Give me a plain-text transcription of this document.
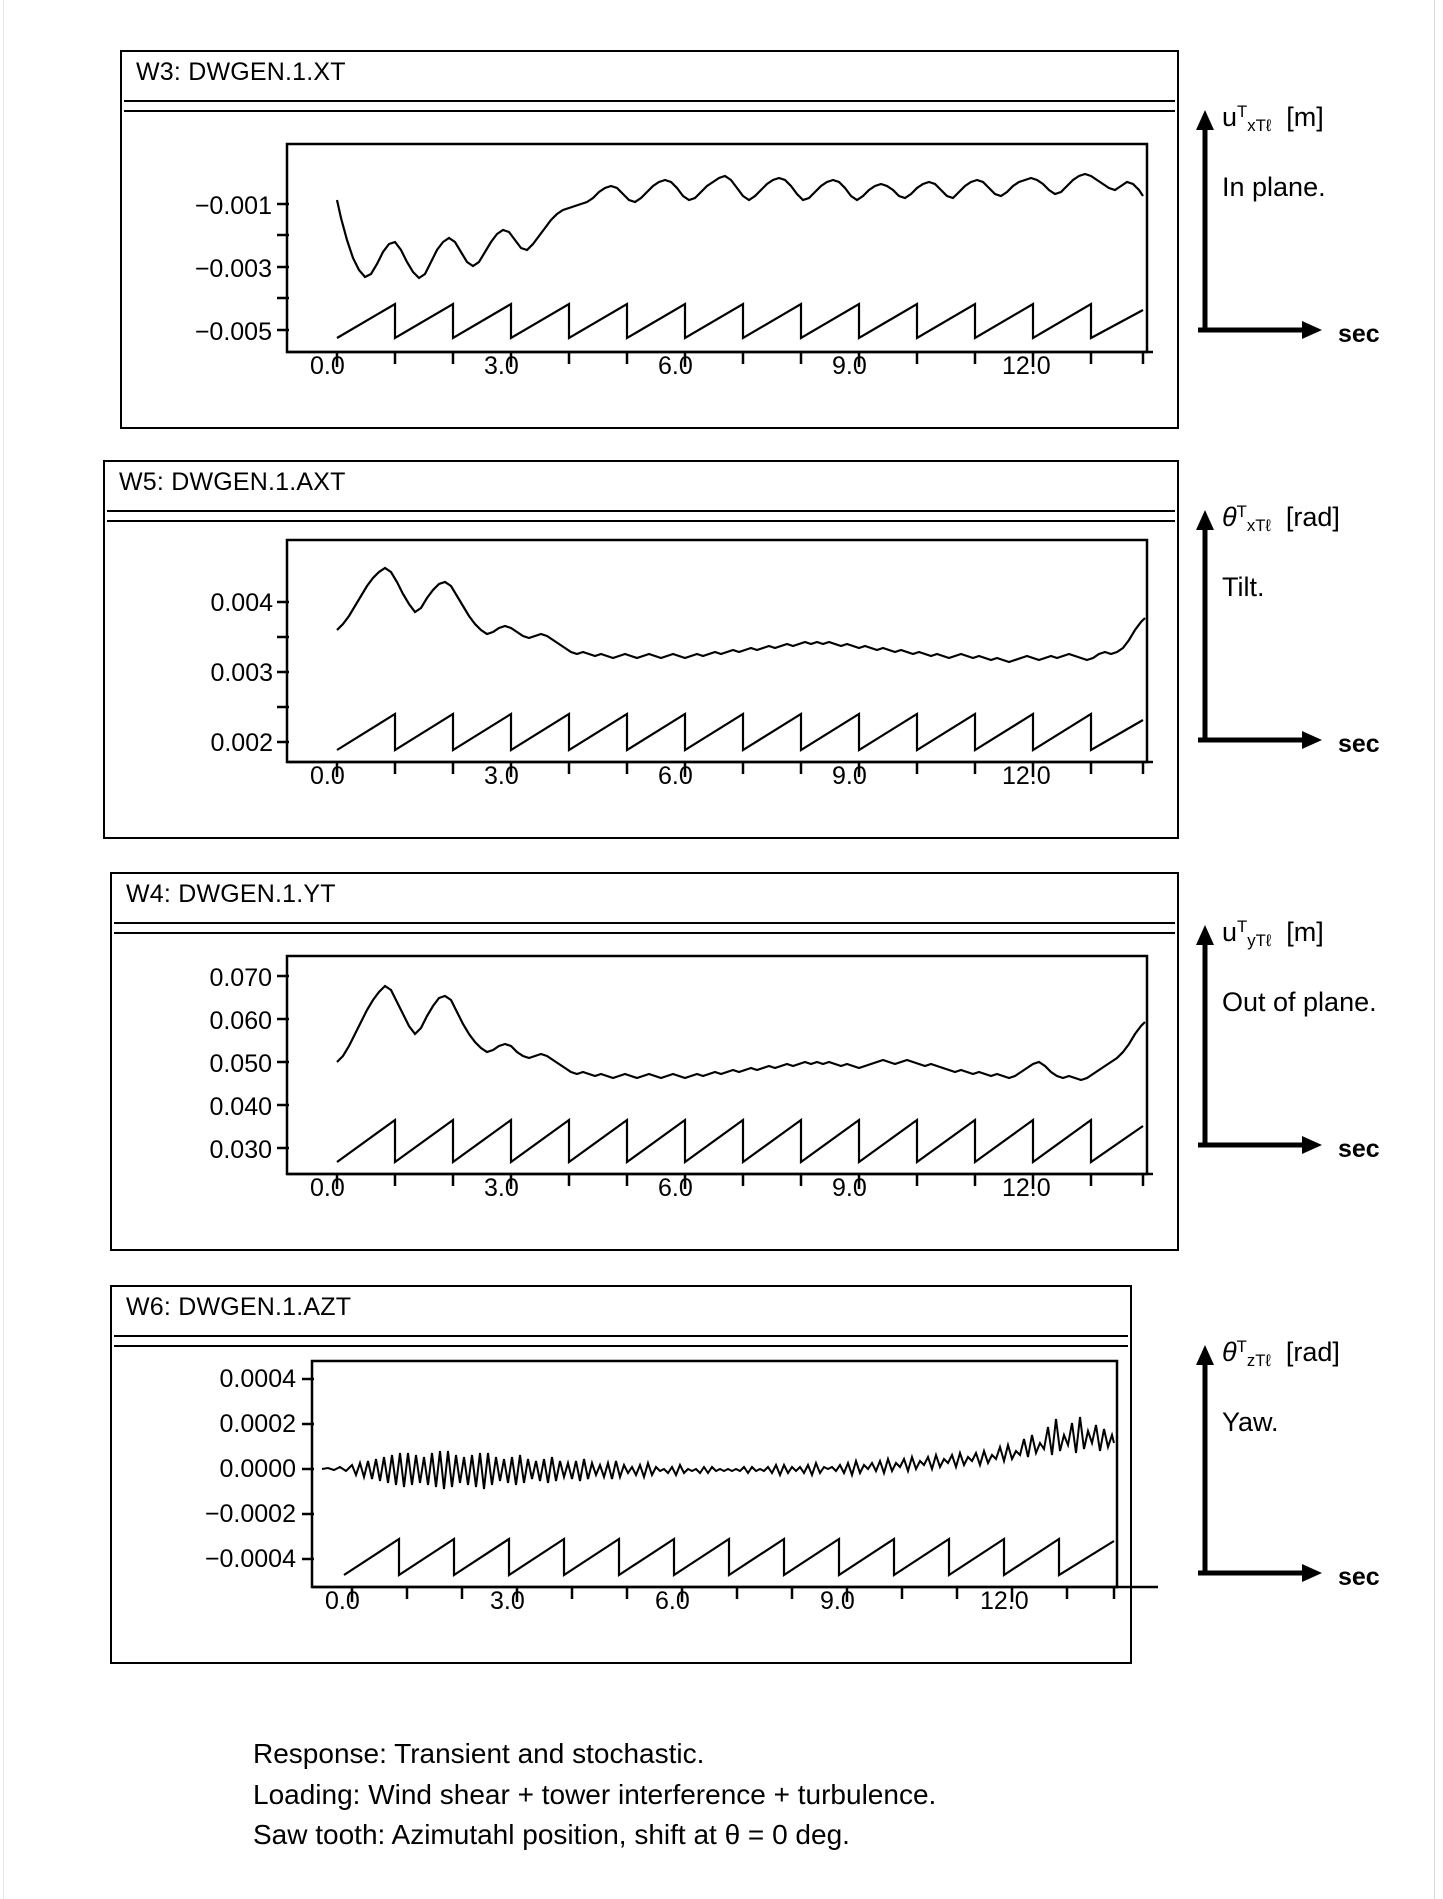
W3: DWGEN.1.XT
−0.001
−0.003
−0.005
0.0	3.0	6.0	9.0	12.0
$u^T_{xT\ell}$ [m]
In plane.
sec
W5: DWGEN.1.AXT
0.004
0.003
0.002
0.0	3.0	6.0	9.0	12.0
$\theta^T_{xT\ell}$ [rad]
Tilt.
sec
W4: DWGEN.1.YT
0.070
0.060
0.050
0.040
0.030
0.0	3.0	6.0	9.0	12.0
$u^T_{yT\ell}$ [m]
Out of plane.
sec
W6: DWGEN.1.AZT
0.0004
0.0002
0.0000
−0.0002
−0.0004
0.0	3.0	6.0	9.0	12.0
$\theta^T_{zT\ell}$ [rad]
Yaw.
sec
Response: Transient and stochastic.
Loading: Wind shear + tower interference + turbulence.
Saw tooth: Azimutahl position, shift at θ = 0 deg.
